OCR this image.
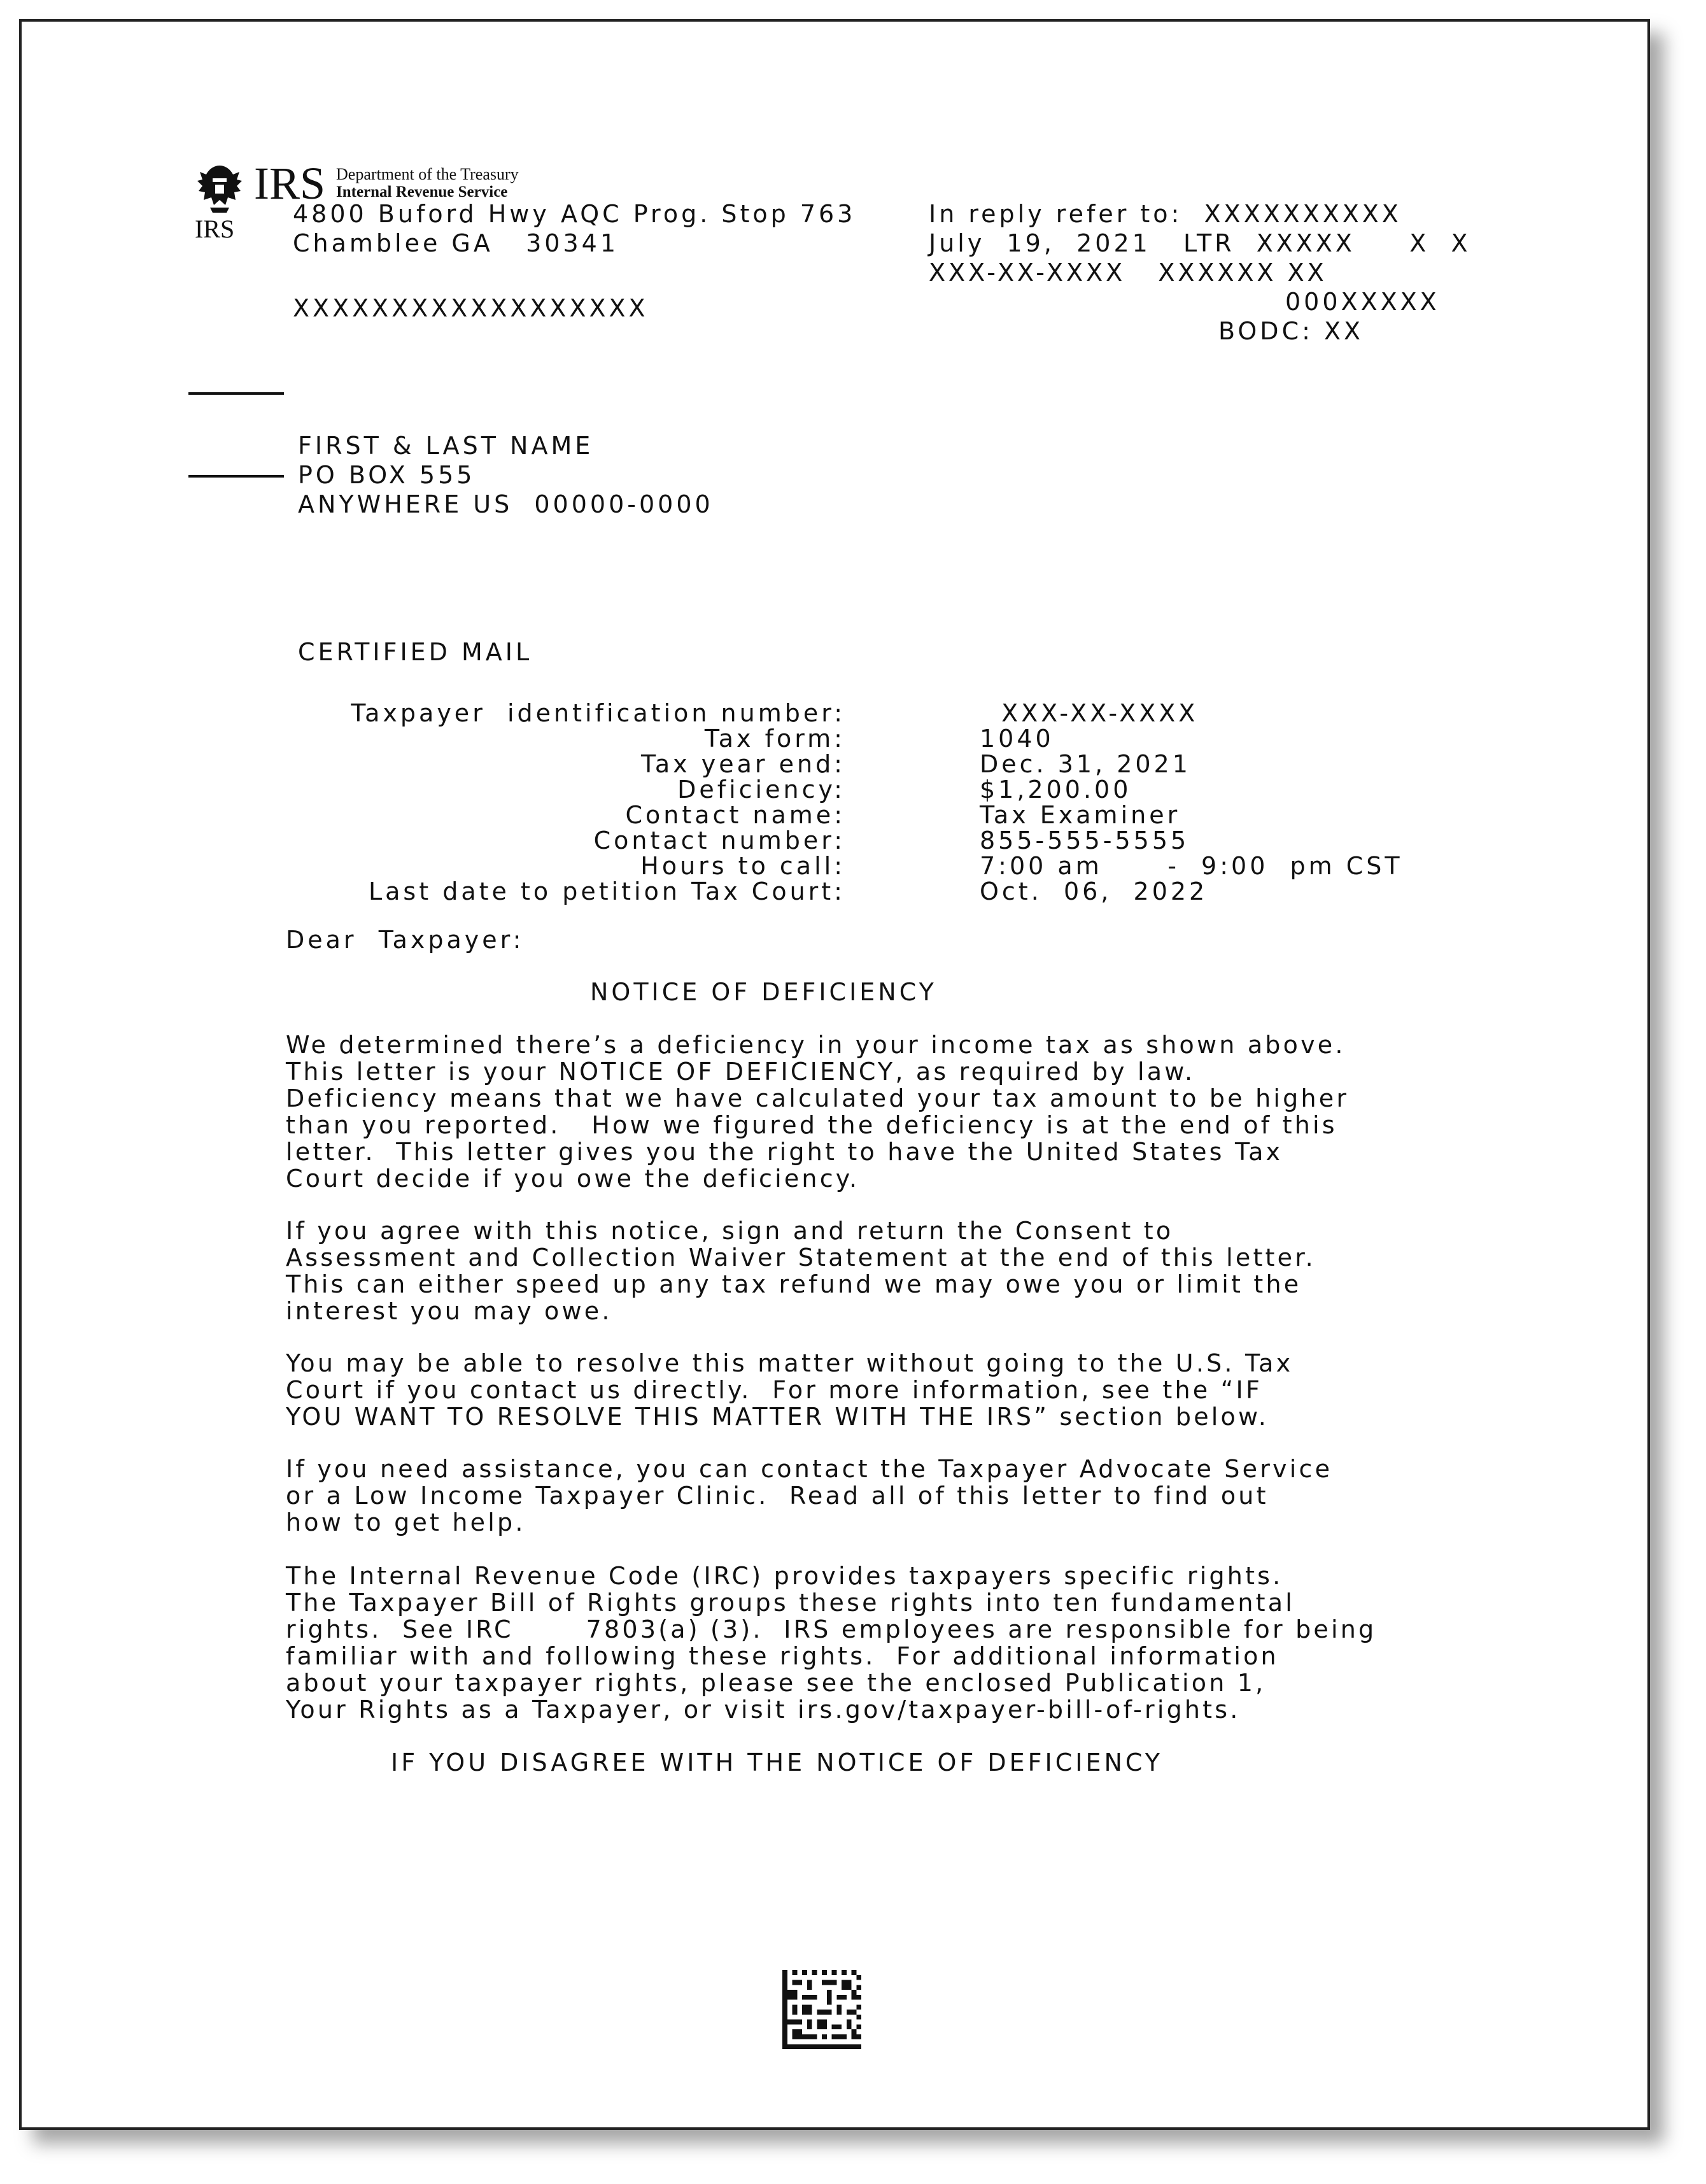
IRS Department of the Treasury
Internal Revenue Service
IRS
4800 Buford Hwy AQC Prog. Stop 763
Chamblee GA   30341
XXXXXXXXXXXXXXXXXX
In reply refer to:  XXXXXXXXXX
July  19,  2021   LTR  XXXXX     X  X
XXX-XX-XXXX   XXXXXX XX
000XXXXX
BODC: XX
FIRST & LAST NAME
PO BOX 555
ANYWHERE US  00000-0000
CERTIFIED MAIL
Taxpayer  identification number:	XXX-XX-XXXX
Tax form:	1040
Tax year end:	Dec. 31, 2021
Deficiency:	$1,200.00
Contact name:	Tax Examiner
Contact number:	855-555-5555
Hours to call:	7:00 am      -  9:00  pm CST
Last date to petition Tax Court:	Oct.  06,  2022
Dear  Taxpayer:
NOTICE OF DEFICIENCY
We determined there’s a deficiency in your income tax as shown above.
This letter is your NOTICE OF DEFICIENCY, as required by law.
Deficiency means that we have calculated your tax amount to be higher
than you reported.   How we figured the deficiency is at the end of this
letter.  This letter gives you the right to have the United States Tax
Court decide if you owe the deficiency.
If you agree with this notice, sign and return the Consent to
Assessment and Collection Waiver Statement at the end of this letter.
This can either speed up any tax refund we may owe you or limit the
interest you may owe.
You may be able to resolve this matter without going to the U.S. Tax
Court if you contact us directly.  For more information, see the “IF
YOU WANT TO RESOLVE THIS MATTER WITH THE IRS” section below.
If you need assistance, you can contact the Taxpayer Advocate Service
or a Low Income Taxpayer Clinic.  Read all of this letter to find out
how to get help.
The Internal Revenue Code (IRC) provides taxpayers specific rights.
The Taxpayer Bill of Rights groups these rights into ten fundamental
rights.  See IRC       7803(a) (3).  IRS employees are responsible for being
familiar with and following these rights.  For additional information
about your taxpayer rights, please see the enclosed Publication 1,
Your Rights as a Taxpayer, or visit irs.gov/taxpayer-bill-of-rights.
IF YOU DISAGREE WITH THE NOTICE OF DEFICIENCY
